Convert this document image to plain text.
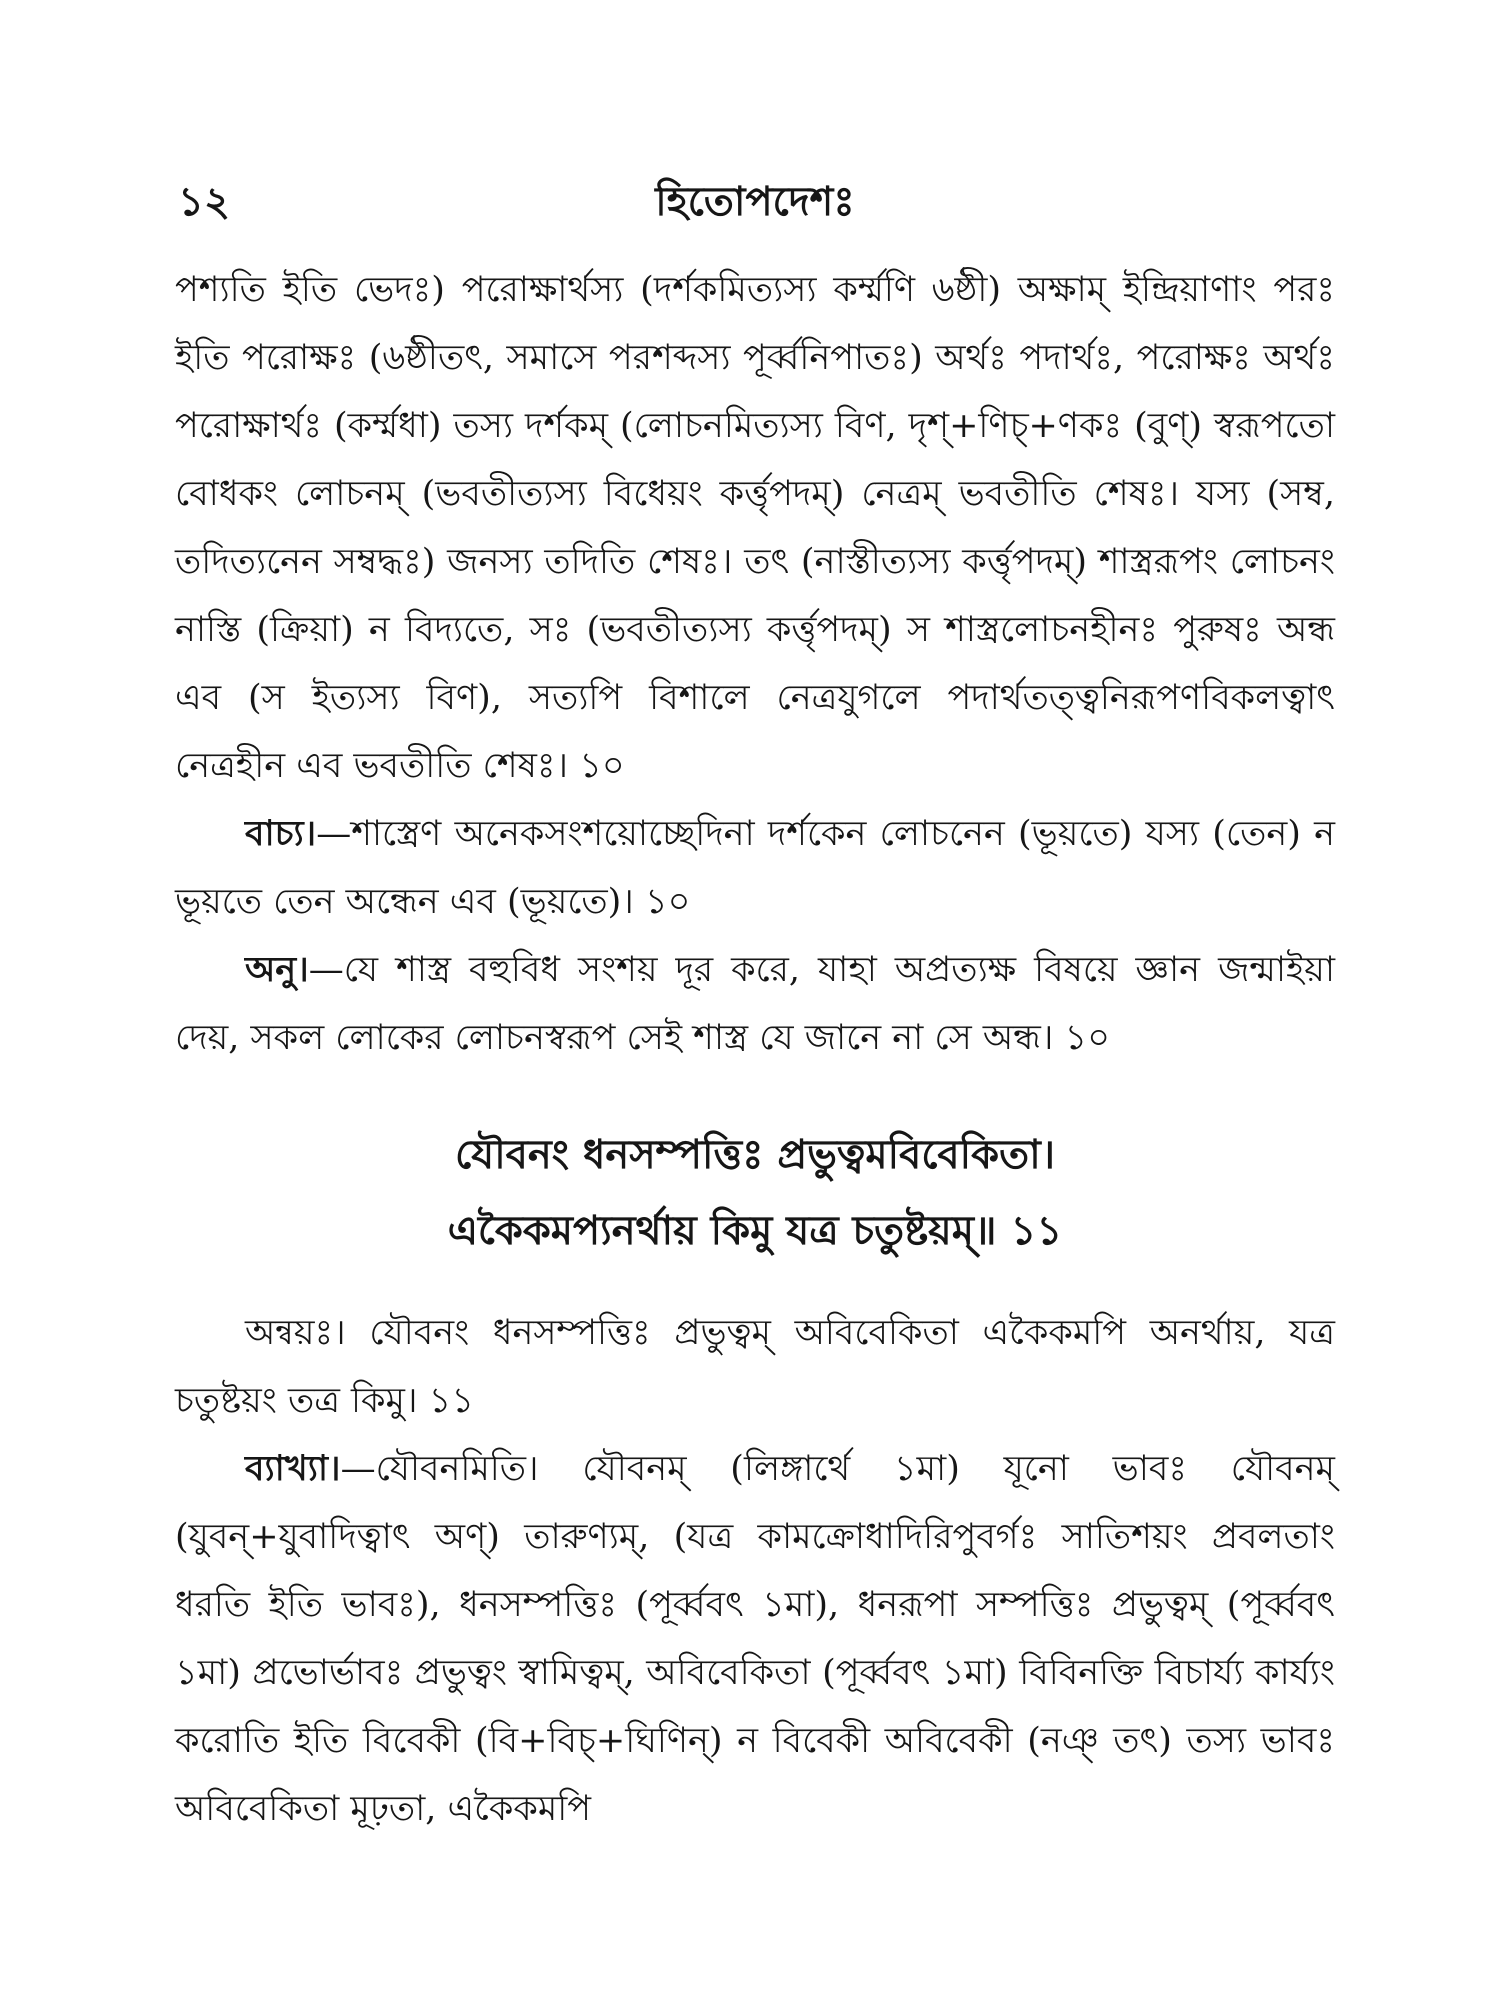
১২	হিতোপদেশঃ

পশ্যতি ইতি ভেদঃ) পরোক্ষার্থস্য (দর্শকমিত্যস্য কর্ম্মণি ৬ষ্ঠী) অক্ষাম্ ইন্দ্রিয়াণাং পরঃ ইতি পরোক্ষঃ (৬ষ্ঠীতৎ, সমাসে পরশব্দস্য পূর্ব্বনিপাতঃ) অর্থঃ পদার্থঃ, পরোক্ষঃ অর্থঃ পরোক্ষার্থঃ (কর্ম্মধা) তস্য দর্শকম্ (লোচনমিত্যস্য বিণ, দৃশ্+ণিচ্+ণকঃ (বুণ্) স্বরূপতো বোধকং লোচনম্ (ভবতীত্যস্য বিধেয়ং কর্ত্তৃপদম্) নেত্রম্ ভবতীতি শেষঃ। যস্য (সম্ব, তদিত্যনেন সম্বদ্ধঃ) জনস্য তদিতি শেষঃ। তৎ (নাস্তীত্যস্য কর্ত্তৃপদম্) শাস্ত্ররূপং লোচনং নাস্তি (ক্রিয়া) ন বিদ্যতে, সঃ (ভবতীত্যস্য কর্ত্তৃপদম্) স শাস্ত্রলোচনহীনঃ পুরুষঃ অন্ধ এব (স ইত্যস্য বিণ), সত্যপি বিশালে নেত্রযুগলে পদার্থতত্ত্বনিরূপণবিকলত্বাৎ নেত্রহীন এব ভবতীতি শেষঃ। ১০

বাচ্য।—শাস্ত্রেণ অনেকসংশয়োচ্ছেদিনা দর্শকেন লোচনেন (ভূয়তে) যস্য (তেন) ন ভূয়তে তেন অন্ধেন এব (ভূয়তে)। ১০

অনু।—যে শাস্ত্র বহুবিধ সংশয় দূর করে, যাহা অপ্রত্যক্ষ বিষয়ে জ্ঞান জন্মাইয়া দেয়, সকল লোকের লোচনস্বরূপ সেই শাস্ত্র যে জানে না সে অন্ধ। ১০

যৌবনং ধনসম্পত্তিঃ প্রভুত্বমবিবেকিতা।
একৈকমপ্যনর্থায় কিমু যত্র চতুষ্টয়ম্॥ ১১

অন্বয়ঃ। যৌবনং ধনসম্পত্তিঃ প্রভুত্বম্ অবিবেকিতা একৈকমপি অনর্থায়, যত্র চতুষ্টয়ং তত্র কিমু। ১১

ব্যাখ্যা।—যৌবনমিতি। যৌবনম্ (লিঙ্গার্থে ১মা) যূনো ভাবঃ যৌবনম্ (যুবন্+যুবাদিত্বাৎ অণ্) তারুণ্যম্, (যত্র কামক্রোধাদিরিপুবর্গঃ সাতিশয়ং প্রবলতাং ধরতি ইতি ভাবঃ), ধনসম্পত্তিঃ (পূর্ব্ববৎ ১মা), ধনরূপা সম্পত্তিঃ প্রভুত্বম্ (পূর্ব্ববৎ ১মা) প্রভোর্ভাবঃ প্রভুত্বং স্বামিত্বম্, অবিবেকিতা (পূর্ব্ববৎ ১মা) বিবিনক্তি বিচার্য্য কার্য্যং করোতি ইতি বিবেকী (বি+বিচ্+ঘিণিন্) ন বিবেকী অবিবেকী (নঞ্ তৎ) তস্য ভাবঃ অবিবেকিতা মূঢ়তা, একৈকমপি
